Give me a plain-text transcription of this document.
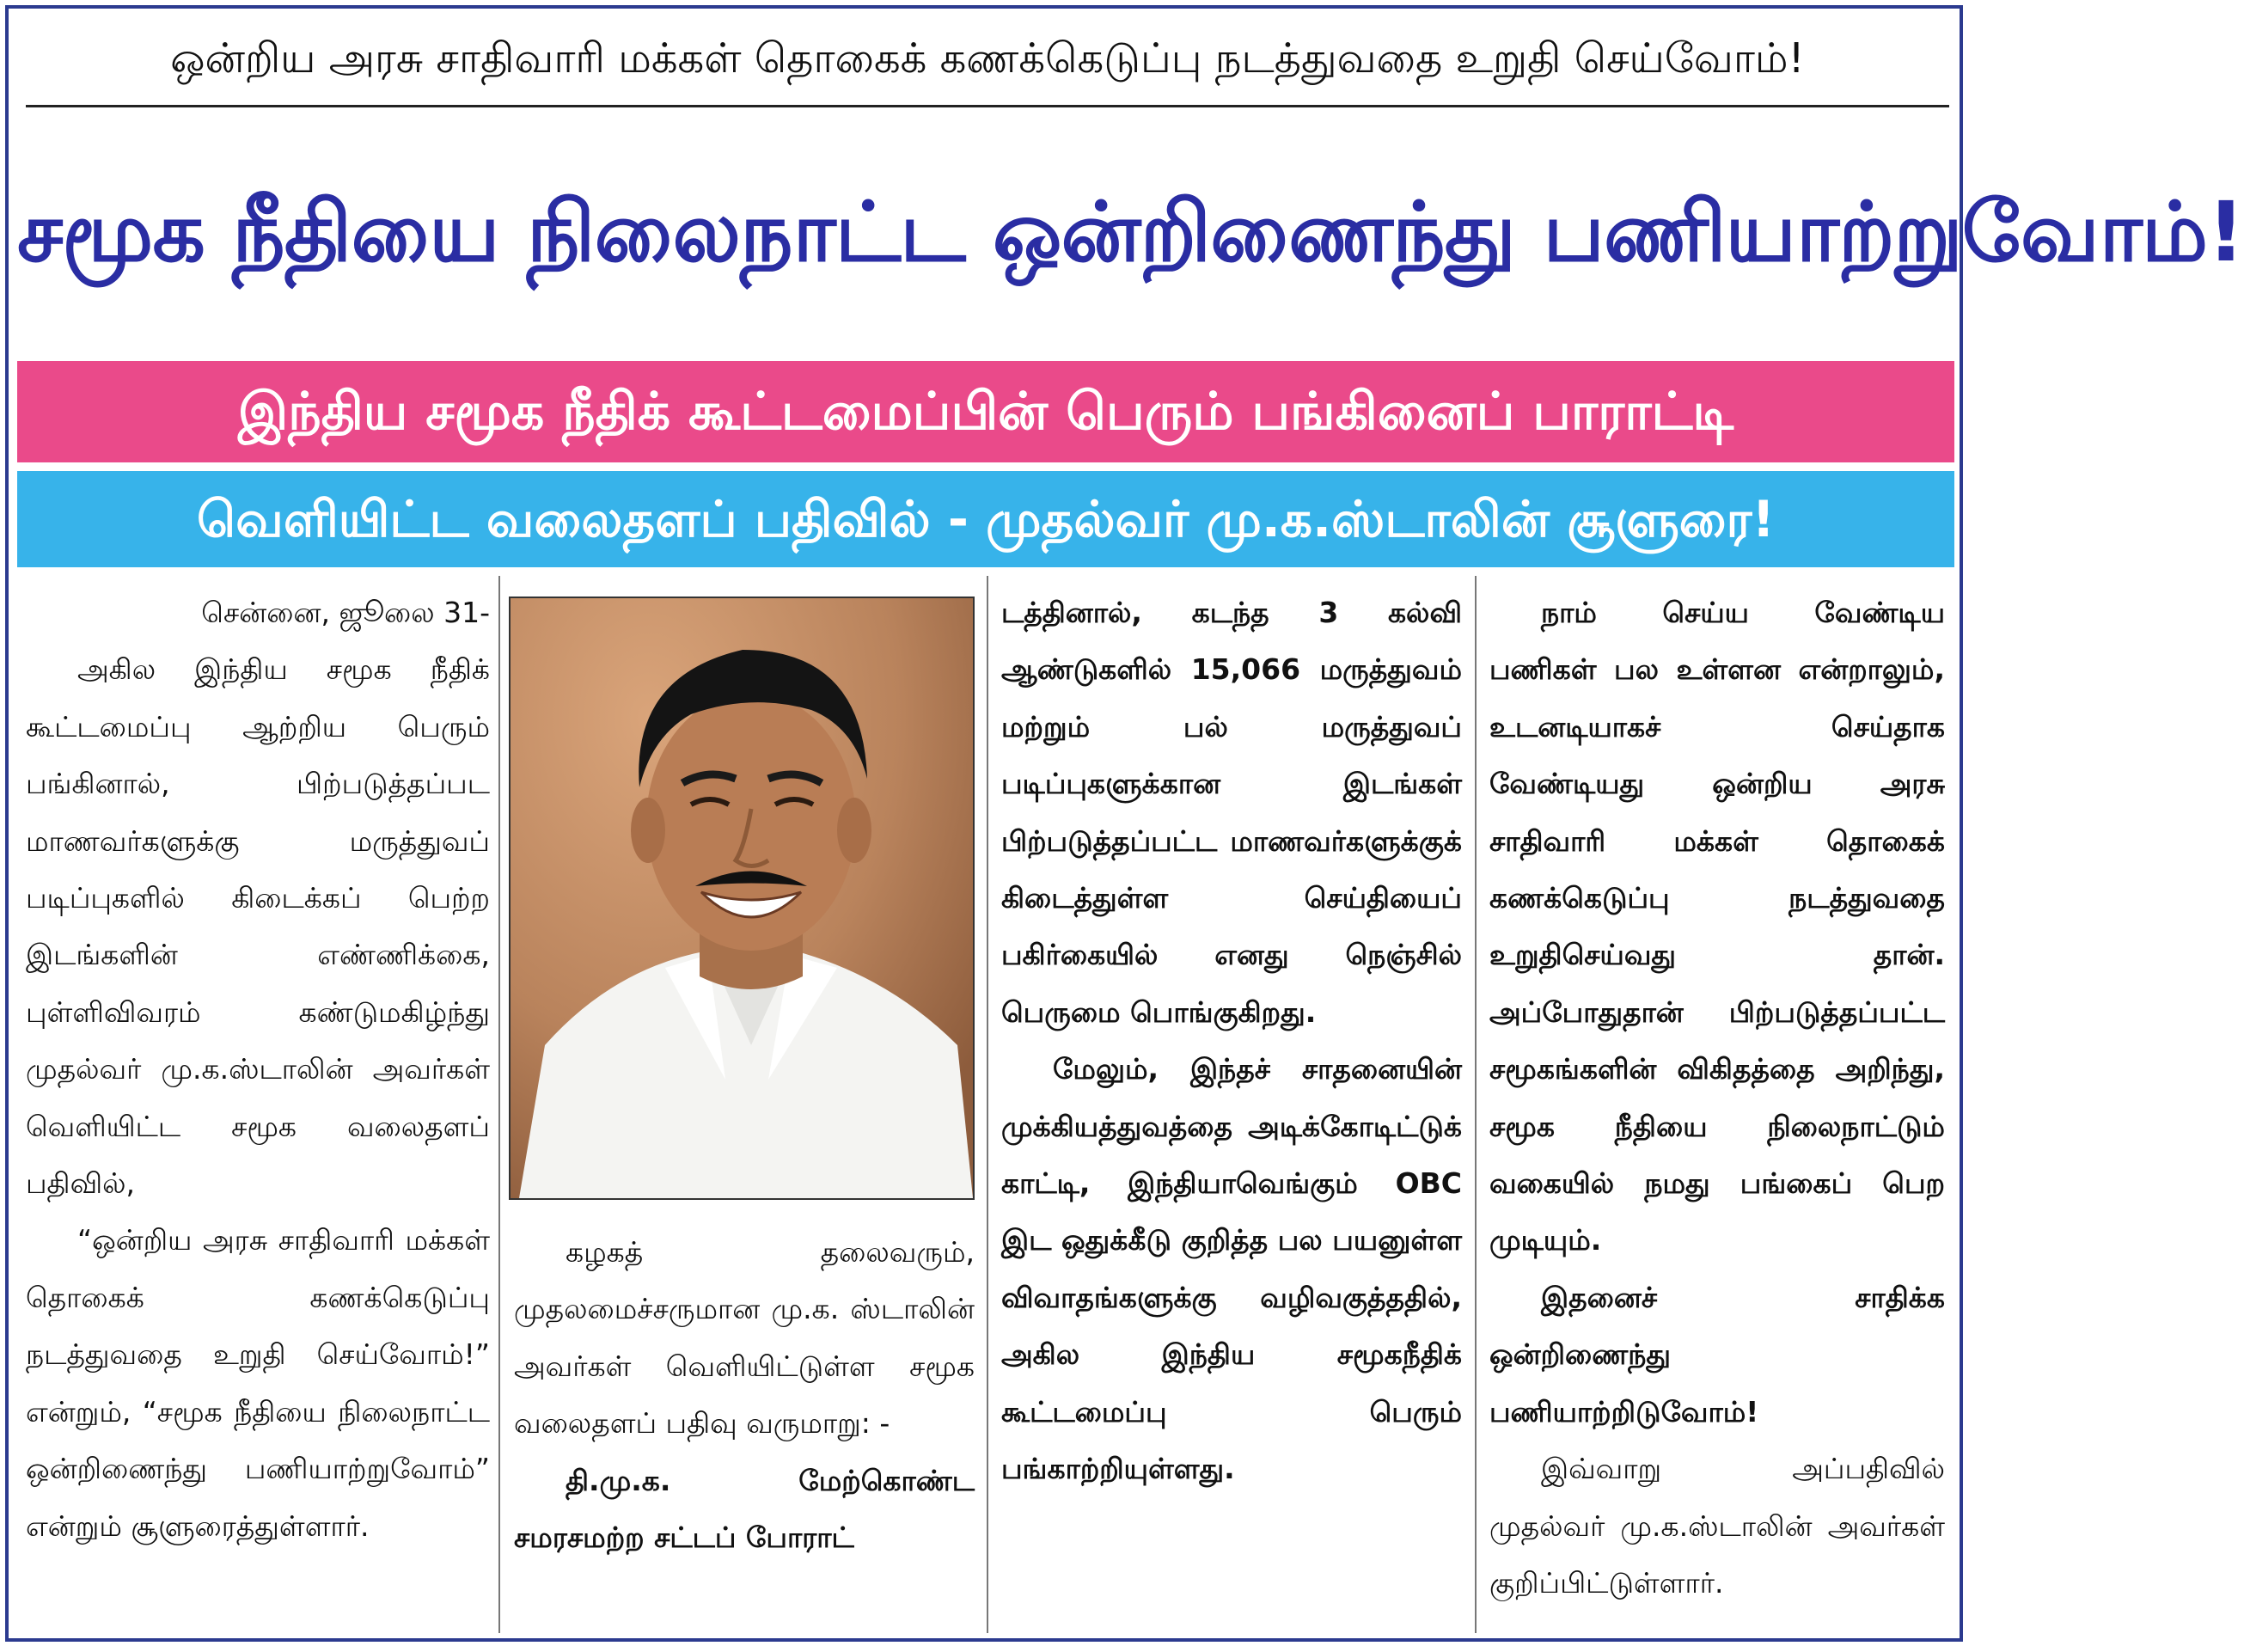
ஒன்றிய அரசு சாதிவாரி மக்கள் தொகைக் கணக்கெடுப்பு நடத்துவதை உறுதி செய்வோம்!
சமூக நீதியை நிலைநாட்ட ஒன்றிணைந்து பணியாற்றுவோம்!
இந்திய சமூக நீதிக் கூட்டமைப்பின் பெரும் பங்கினைப் பாராட்டி
வெளியிட்ட வலைதளப் பதிவில் - முதல்வர் மு.க.ஸ்டாலின் சூளுரை!

சென்னை, ஜூலை 31-

அகில இந்திய சமூக நீதிக் கூட்டமைப்பு ஆற்றிய பெரும் பங்கினால், பிற்படுத்தப்பட மாணவர்களுக்கு மருத்துவப் படிப்புகளில் கிடைக்கப் பெற்ற இடங்களின் எண்ணிக்கை, புள்ளிவிவரம் கண்டுமகிழ்ந்து முதல்வர் மு.க.ஸ்டாலின் அவர்கள் வெளியிட்ட சமூக வலைதளப் பதிவில்,

“ஒன்றிய அரசு சாதிவாரி மக்கள் தொகைக் கணக்கெடுப்பு நடத்துவதை உறுதி செய்வோம்!” என்றும், “சமூக நீதியை நிலைநாட்ட ஒன்றிணைந்து பணியாற்றுவோம்” என்றும் சூளுரைத்துள்ளார்.

கழகத் தலைவரும், முதலமைச்சருமான மு.க. ஸ்டாலின் அவர்கள் வெளியிட்டுள்ள சமூக வலைதளப் பதிவு வருமாறு: -

தி.மு.க. மேற்கொண்ட சமரசமற்ற சட்டப் போராட்

டத்தினால், கடந்த 3 கல்வி ஆண்டுகளில் 15,066 மருத்துவம் மற்றும் பல் மருத்துவப் படிப்புகளுக்கான இடங்கள் பிற்படுத்தப்பட்ட மாணவர்களுக்குக் கிடைத்துள்ள செய்தியைப் பகிர்கையில் எனது நெஞ்சில் பெருமை பொங்குகிறது.

மேலும், இந்தச் சாதனையின் முக்கியத்துவத்தை அடிக்கோடிட்டுக் காட்டி, இந்தியாவெங்கும் OBC இட ஒதுக்கீடு குறித்த பல பயனுள்ள விவாதங்களுக்கு வழிவகுத்ததில், அகில இந்திய சமூகநீதிக் கூட்டமைப்பு பெரும் பங்காற்றியுள்ளது.

நாம் செய்ய வேண்டிய பணிகள் பல உள்ளன என்றாலும், உடனடியாகச் செய்தாக வேண்டியது ஒன்றிய அரசு சாதிவாரி மக்கள் தொகைக் கணக்கெடுப்பு நடத்துவதை உறுதிசெய்வது தான். அப்போதுதான் பிற்படுத்தப்பட்ட சமூகங்களின் விகிதத்தை அறிந்து, சமூக நீதியை நிலைநாட்டும் வகையில் நமது பங்கைப் பெற முடியும்.

இதனைச் சாதிக்க ஒன்றிணைந்து பணியாற்றிடுவோம்!

இவ்வாறு அப்பதிவில் முதல்வர் மு.க.ஸ்டாலின் அவர்கள் குறிப்பிட்டுள்ளார்.
